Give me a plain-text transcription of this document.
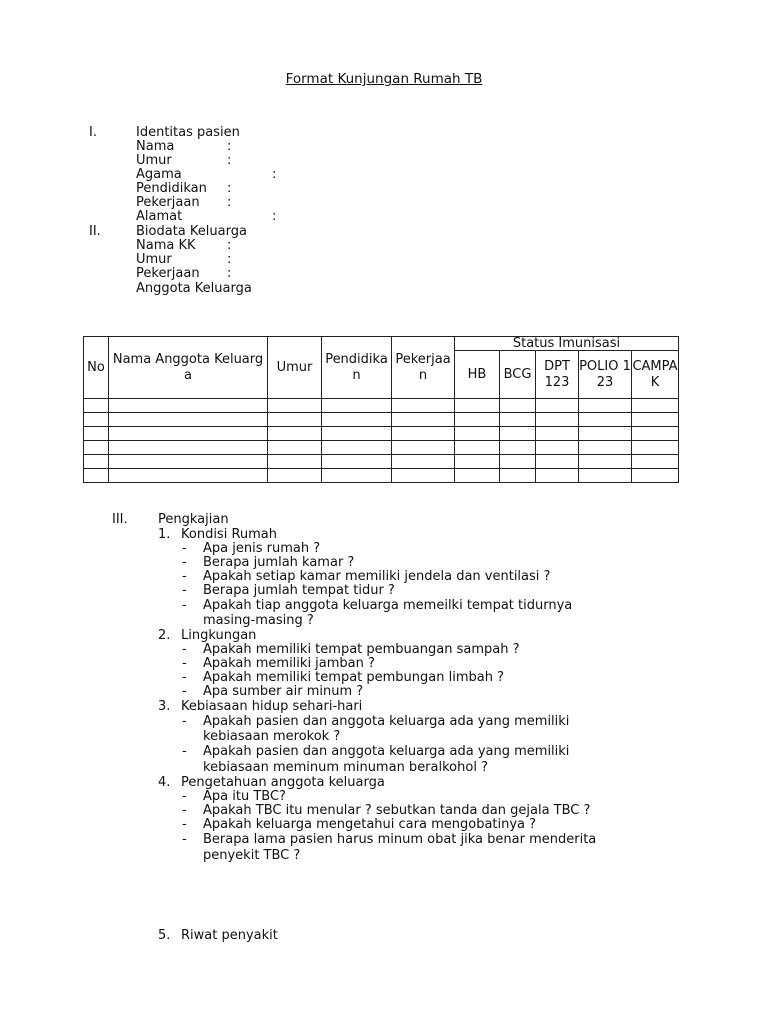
Format Kunjungan Rumah TB
I.	Identitas pasien
Nama	:
Umur	:
Agama	:
Pendidikan :
Pekerjaan :
Alamat	:
II.	Biodata Keluarga
Nama KK :
Umur	:
Pekerjaan :
Anggota Keluarga
No	Nama Anggota Keluarga	Umur	Pendidikan	Pekerjaan	Status Imunisasi				
					HB	BCG	DPT 123	POLIO 123	CAMPAK

III. Pengkajian
1. Kondisi Rumah
- Apa jenis rumah ?
- Berapa jumlah kamar ?
- Apakah setiap kamar memiliki jendela dan ventilasi ?
- Berapa jumlah tempat tidur ?
- Apakah tiap anggota keluarga memeilki tempat tidurnya
masing-masing ?
2. Lingkungan
- Apakah memiliki tempat pembuangan sampah ?
- Apakah memiliki jamban ?
- Apakah memiliki tempat pembungan limbah ?
- Apa sumber air minum ?
3. Kebiasaan hidup sehari-hari
- Apakah pasien dan anggota keluarga ada yang memiliki
kebiasaan merokok ?
- Apakah pasien dan anggota keluarga ada yang memiliki
kebiasaan meminum minuman beralkohol ?
4. Pengetahuan anggota keluarga
- Apa itu TBC?
- Apakah TBC itu menular ? sebutkan tanda dan gejala TBC ?
- Apakah keluarga mengetahui cara mengobatinya ?
- Berapa lama pasien harus minum obat jika benar menderita
penyekit TBC ?
5. Riwat penyakit
